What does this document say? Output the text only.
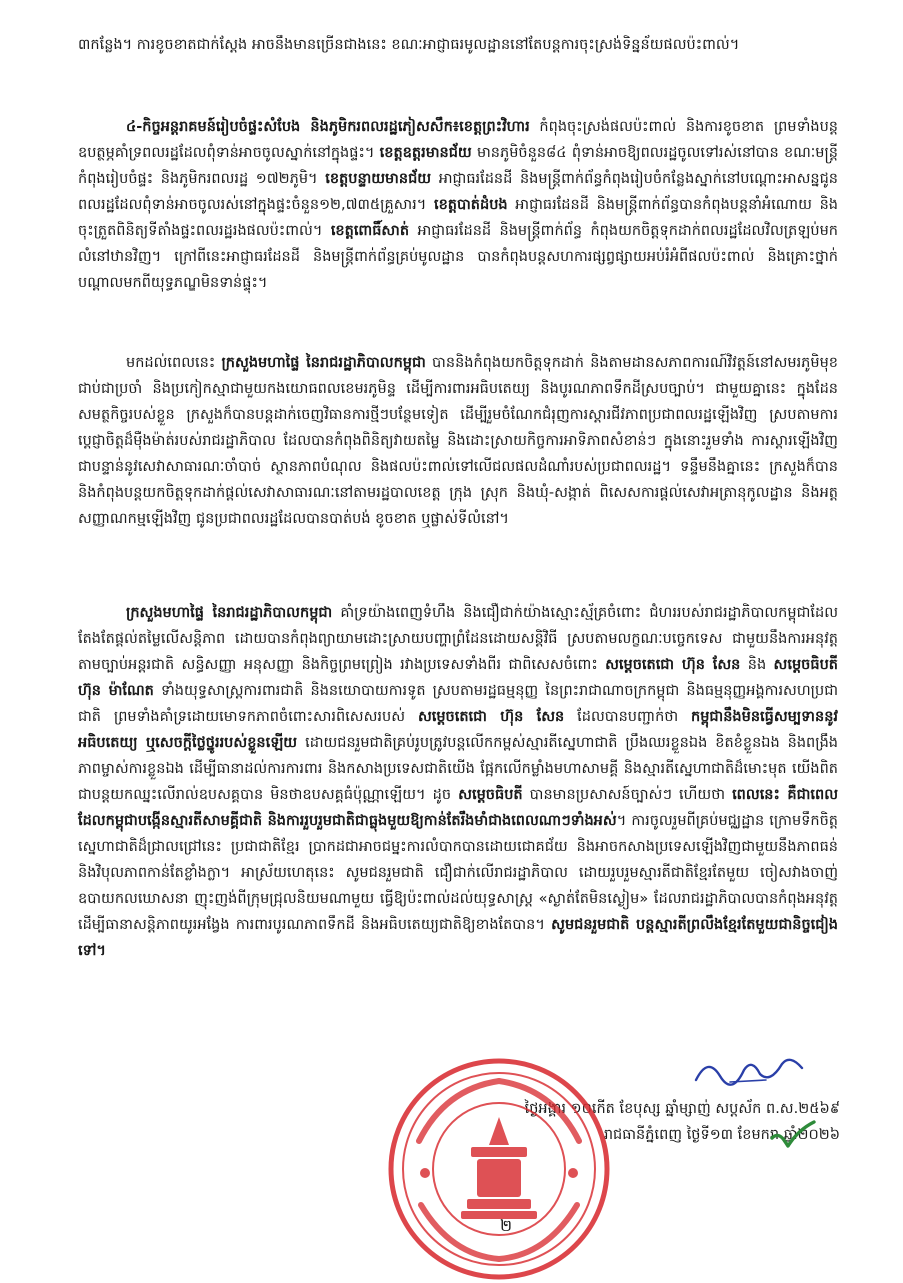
៣កន្លែង។ ការខូចខាតជាក់ស្ដែង អាចនឹងមានច្រើនជាងនេះ ខណៈអាជ្ញាធរមូលដ្ឋាននៅតែបន្តការចុះស្រង់ទិន្នន័យផលប៉ះពាល់។

៤-កិច្ចអន្តរាគមន៍រៀបចំផ្ទះសំបែង និងភូមិករពលរដ្ឋភៀសសឹក៖ខេត្តព្រះវិហារ កំពុងចុះស្រង់ផលប៉ះពាល់ និងការខូចខាត ព្រមទាំងបន្តឧបត្ថម្ភគាំទ្រពលរដ្ឋដែលពុំទាន់អាចចូលស្នាក់នៅក្នុងផ្ទះ។ ខេត្តឧត្តរមានជ័យ មានភូមិចំនួន៨៤ ពុំទាន់អាចឱ្យពលរដ្ឋចូលទៅរស់នៅបាន ខណៈមន្ត្រីកំពុងរៀបចំផ្ទះ និងភូមិករពលរដ្ឋ ១៧២ភូមិ។ ខេត្តបន្ទាយមានជ័យ អាជ្ញាធរដែនដី និងមន្ត្រីពាក់ព័ន្ធកំពុងរៀបចំកន្លែងស្នាក់នៅបណ្ដោះអាសន្នជូនពលរដ្ឋដែលពុំទាន់អាចចូលរស់នៅក្នុងផ្ទះចំនួន១២,៧៣៥គ្រួសារ។ ខេត្តបាត់ដំបង អាជ្ញាធរដែនដី និងមន្ត្រីពាក់ព័ន្ធបានកំពុងបន្តនាំអំណោយ និងចុះត្រួតពិនិត្យទីតាំងផ្ទះពលរដ្ឋរងផលប៉ះពាល់។ ខេត្តពោធិ៍សាត់ អាជ្ញាធរដែនដី និងមន្ត្រីពាក់ព័ន្ធ កំពុងយកចិត្តទុកដាក់ពលរដ្ឋដែលវិលត្រឡប់មកលំនៅឋានវិញ។ ក្រៅពីនេះអាជ្ញាធរដែនដី និងមន្ត្រីពាក់ព័ន្ធគ្រប់មូលដ្ឋាន បានកំពុងបន្តសហការផ្សព្វផ្សាយអប់រំអំពីផលប៉ះពាល់ និងគ្រោះថ្នាក់បណ្ដាលមកពីយុទ្ធភណ្ឌមិនទាន់ផ្ទុះ។

មកដល់ពេលនេះ ក្រសួងមហាផ្ទៃ នៃរាជរដ្ឋាភិបាលកម្ពុជា បាននិងកំពុងយកចិត្តទុកដាក់ និងតាមដានសភាពការណ៍វិវត្តន៍នៅសមរភូមិមុខជាប់ជាប្រចាំ និងប្រកៀកស្មាជាមួយកងយោធពលខេមរភូមិន្ទ ដើម្បីការពារអធិបតេយ្យ និងបូរណភាពទឹកដីស្របច្បាប់។ ជាមួយគ្នានេះ ក្នុងដែនសមត្ថកិច្ចរបស់ខ្លួន ក្រសួងក៏បានបន្តដាក់ចេញវិធានការថ្មីៗបន្ថែមទៀត ដើម្បីរួមចំណែកជំរុញការស្ដារជីវភាពប្រជាពលរដ្ឋឡើងវិញ ស្របតាមការប្ដេជ្ញាចិត្តដ៏មុឺងម៉ាត់របស់រាជរដ្ឋាភិបាល ដែលបានកំពុងពិនិត្យវាយតម្លៃ និងដោះស្រាយកិច្ចការអាទិភាពសំខាន់ៗ ក្នុងនោះរួមទាំង ការស្ដារឡើងវិញជាបន្ទាន់នូវសេវាសាធារណៈចាំបាច់ ស្ថានភាពបំណុល និងផលប៉ះពាល់ទៅលើជលផលដំណាំរបស់ប្រជាពលរដ្ឋ។ ទន្ទឹមនឹងគ្នានេះ ក្រសួងក៏បាននិងកំពុងបន្តយកចិត្តទុកដាក់ផ្ដល់សេវាសាធារណៈនៅតាមរដ្ឋបាលខេត្ត ក្រុង ស្រុក និងឃុំ-សង្កាត់ ពិសេសការផ្ដល់សេវាអត្រានុកូលដ្ឋាន និងអត្តសញ្ញាណកម្មឡើងវិញ ជូនប្រជាពលរដ្ឋដែលបានបាត់បង់ ខូចខាត ឬផ្លាស់ទីលំនៅ។

ក្រសួងមហាផ្ទៃ នៃរាជរដ្ឋាភិបាលកម្ពុជា គាំទ្រយ៉ាងពេញទំហឹង និងជឿជាក់យ៉ាងស្មោះស្ម័គ្រចំពោះ ជំហររបស់រាជរដ្ឋាភិបាលកម្ពុជាដែលតែងតែផ្ដល់តម្លៃលើសន្តិភាព ដោយបានកំពុងព្យាយាមដោះស្រាយបញ្ហាព្រំដែនដោយសន្តិវិធី ស្របតាមលក្ខណៈបច្ចេកទេស ជាមួយនឹងការអនុវត្តតាមច្បាប់អន្តរជាតិ សន្ធិសញ្ញា អនុសញ្ញា និងកិច្ចព្រមព្រៀង រវាងប្រទេសទាំងពីរ ជាពិសេសចំពោះ សម្ដេចតេជោ ហ៊ុន សែន និង សម្ដេចធិបតី ហ៊ុន ម៉ាណែត ទាំងយុទ្ធសាស្ត្រការពារជាតិ និងនយោបាយការទូត ស្របតាមរដ្ឋធម្មនុញ្ញ នៃព្រះរាជាណាចក្រកម្ពុជា និងធម្មនុញ្ញអង្គការសហប្រជាជាតិ ព្រមទាំងគាំទ្រដោយមោទកភាពចំពោះសារពិសេសរបស់ សម្ដេចតេជោ ហ៊ុន សែន ដែលបានបញ្ជាក់ថា កម្ពុជានឹងមិនធ្វើសម្បទាននូវអធិបតេយ្យ ឬសេចក្ដីថ្លៃថ្នូររបស់ខ្លួនឡើយ ដោយជនរួមជាតិគ្រប់រូបត្រូវបន្តលើកកម្ពស់ស្មារតីស្នេហាជាតិ ប្រឹងឈរខ្លួនឯង ខិតខំខ្លួនឯង និងពង្រឹងភាពម្ចាស់ការខ្លួនឯង ដើម្បីធានាដល់ការការពារ និងកសាងប្រទេសជាតិយើង ផ្អែកលើកម្លាំងមហាសាមគ្គី និងស្មារតីស្នេហាជាតិដ៏មោះមុត យើងពិតជាបន្តយកឈ្នះលើរាល់ឧបសគ្គបាន មិនថាឧបសគ្គធំប៉ុណ្ណាឡើយ។ ដូច សម្ដេចធិបតី បានមានប្រសាសន៍ច្បាស់ៗ ហើយថា ពេលនេះ គឺជាពេលដែលកម្ពុជាបង្កើនស្មារតីសាមគ្គីជាតិ និងការរួបរួមជាតិជាធ្លុងមួយឱ្យកាន់តែរឹងមាំជាងពេលណាៗទាំងអស់។ ការចូលរួមពីគ្រប់មជ្ឈដ្ឋាន ក្រោមទឹកចិត្តស្នេហាជាតិដ៏ជ្រាលជ្រៅនេះ ប្រជាជាតិខ្មែរ ប្រាកដជាអាចជម្នះការលំបាកបានដោយជោគជ័យ និងអាចកសាងប្រទេសឡើងវិញជាមួយនឹងភាពធន់ និងវិបុលភាពកាន់តែខ្លាំងក្លា។ អាស្រ័យហេតុនេះ សូមជនរួមជាតិ ជឿជាក់លើរាជរដ្ឋាភិបាល ដោយរួបរួមស្មារតីជាតិខ្មែរតែមួយ ចៀសវាងចាញ់ឧបាយកលឃោសនា ញុះញង់ពីក្រុមជ្រុលនិយមណាមួយ ធ្វើឱ្យប៉ះពាល់ដល់យុទ្ធសាស្ត្រ «ស្ងាត់តែមិនស្ងៀម» ដែលរាជរដ្ឋាភិបាលបានកំពុងអនុវត្ត ដើម្បីធានាសន្តិភាពយូរអង្វែង ការពារបូរណភាពទឹកដី និងអធិបតេយ្យជាតិឱ្យខាងតែបាន។ សូមជនរួមជាតិ បន្តស្មារតីព្រលឹងខ្មែរតែមួយជានិច្ចជៀងទៅ។

ថ្ងៃអង្គារ ១០កើត ខែបុស្ស ឆ្នាំម្សាញ់ សប្តស័ក ព.ស.២៥៦៩
រាជធានីភ្នំពេញ ថ្ងៃទី១៣ ខែមករា ឆ្នាំ២០២៦
២
